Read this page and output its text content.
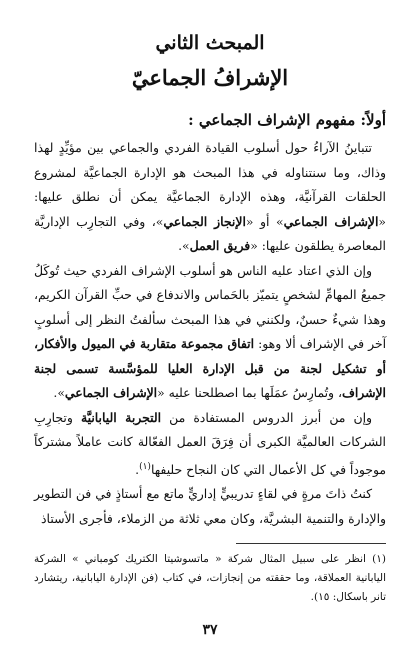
المبحث الثاني
الإشرافُ الجماعيّ
أولاً: مفهوم الإشراف الجماعي :

تتباينُ الآراءُ حول أسلوب القيادة الفردي والجماعي بين مؤيِّدٍ لهذا وذاك، وما سنتناوله في هذا المبحث هو الإدارة الجماعيَّة لمشروع الحلقات القرآنيَّة، وهذه الإدارة الجماعيَّة يمكن أن نطلق عليها: «الإشراف الجماعي» أو «الإنجاز الجماعي»، وفي التجارِب الإداريَّة المعاصرة يطلقون عليها: «فريق العمل».

وإن الذي اعتاد عليه الناس هو أسلوب الإشراف الفردي حيث تُوكَلُ جميعُ المهامِّ لشخصٍ يتميّز بالحَماس والاندفاع في حبِّ القرآن الكريم، وهذا شيءٌ حسنٌ، ولكنني في هذا المبحث سألفتُ النظر إلى أسلوبٍ آخر في الإشراف ألا وهو: اتفاق مجموعة متقاربة في الميول والأفكار، أو تشكيل لجنة من قبل الإدارة العليا للمؤسَّسة تسمى لجنة الإشراف، وتُمارِسُ عمَلَها بما اصطلحنا عليه «الإشراف الجماعي».

وإن من أبرز الدروس المستفادة من التجربة اليابانيَّة وتجارِبِ الشركات العالميَّة الكبرى أن فِرَقَ العمل الفعّالة كانت عاملاً مشتركاً موجوداً في كل الأعمال التي كان النجاح حليفها$^{(١)}$.

كنتُ ذاتَ مرةٍ في لقاءٍ تدريبيٍّ إداريٍّ ماتع مع أستاذٍ في فن التطوير والإدارة والتنمية البشريَّة، وكان معي ثلاثة من الزملاء، فأجرى الأستاذ

(١) انظر على سبيل المثال شركة « ماتسوشيتا الكتريك كومباني » الشركة اليابانية العملاقة، وما حققته من إنجازات، في كتاب (فن الإدارة اليابانية، ريتشارد تانر باسكال: ١٥).

٣٧
